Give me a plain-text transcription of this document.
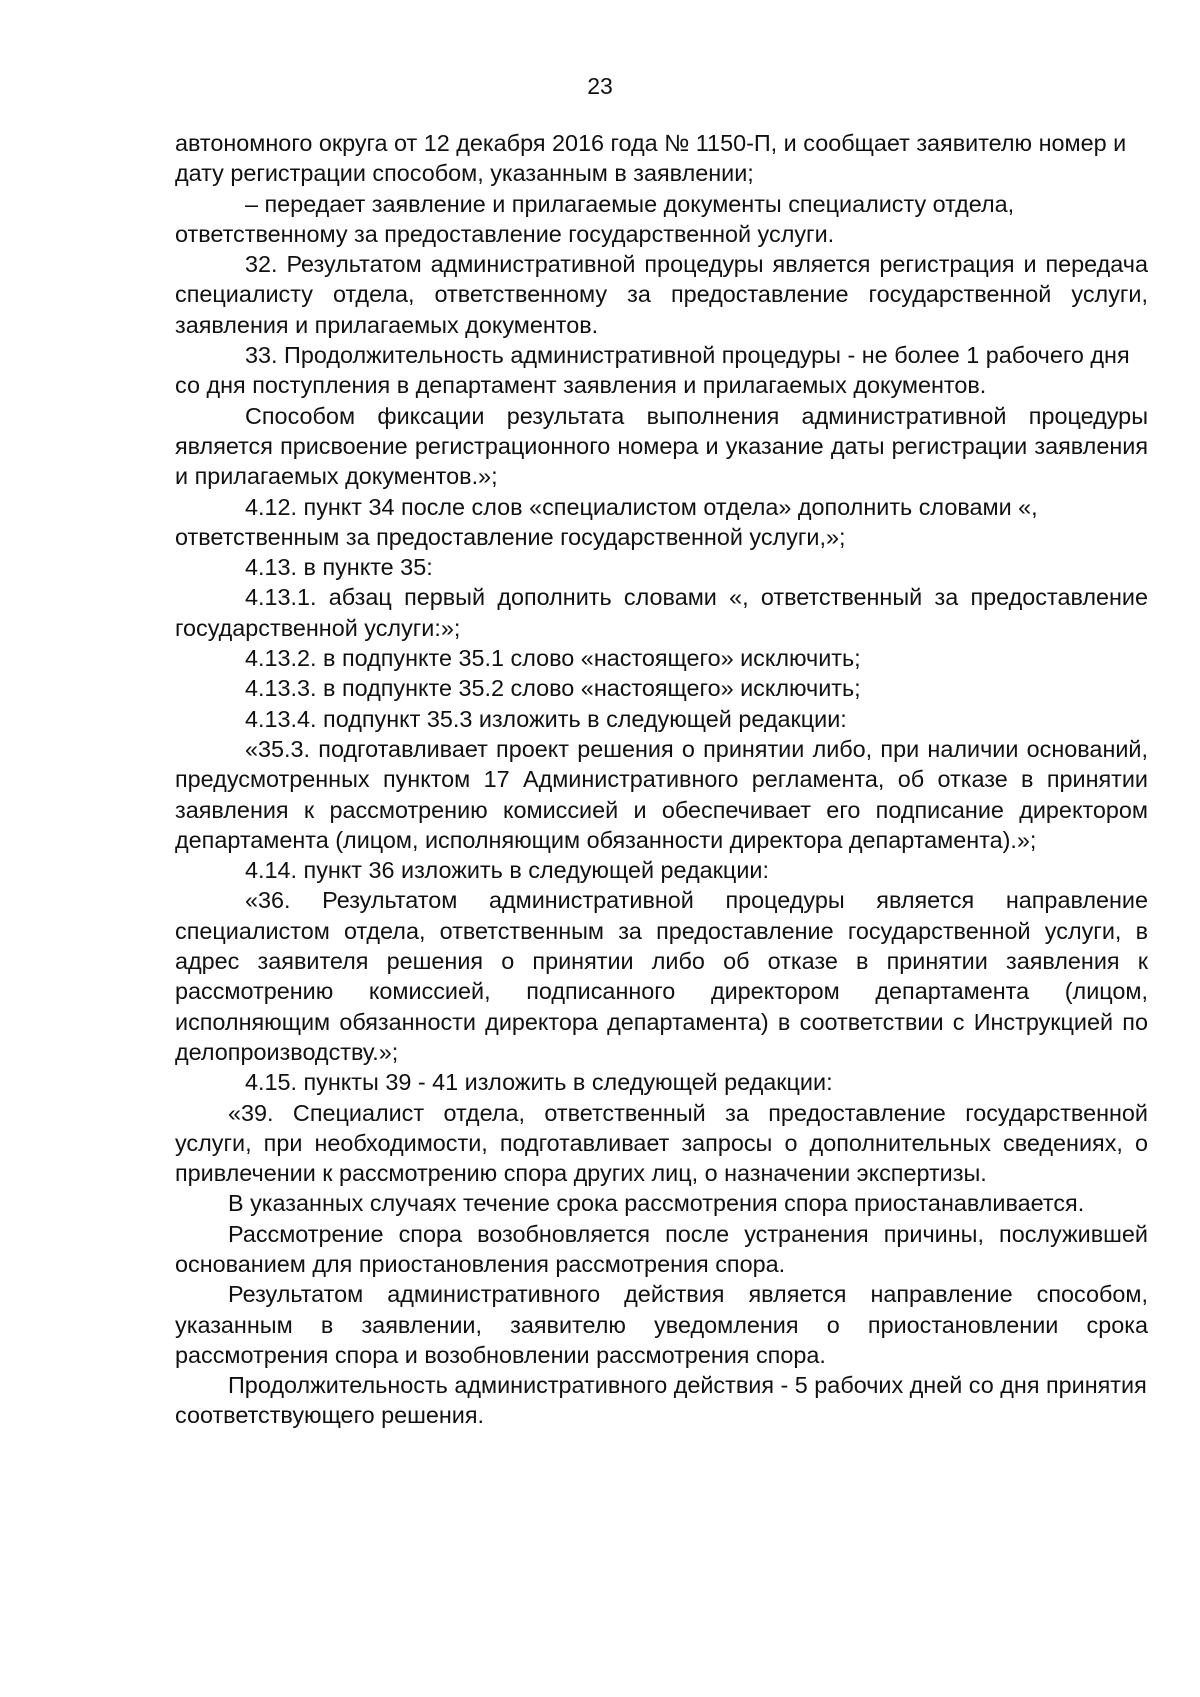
23

автономного округа от 12 декабря 2016 года № 1150-П, и сообщает заявителю номер и дату регистрации способом, указанным в заявлении;

– передает заявление и прилагаемые документы специалисту отдела, ответственному за предоставление государственной услуги.

32. Результатом административной процедуры является регистрация и передача специалисту отдела, ответственному за предоставление государственной услуги, заявления и прилагаемых документов.

33. Продолжительность административной процедуры - не более 1 рабочего дня со дня поступления в департамент заявления и прилагаемых документов.

Способом фиксации результата выполнения административной процедуры является присвоение регистрационного номера и указание даты регистрации заявления и прилагаемых документов.»;

4.12. пункт 34 после слов «специалистом отдела» дополнить словами «, ответственным за предоставление государственной услуги,»;

4.13. в пункте 35:

4.13.1. абзац первый дополнить словами «, ответственный за предоставление государственной услуги:»;

4.13.2. в подпункте 35.1 слово «настоящего» исключить;

4.13.3. в подпункте 35.2 слово «настоящего» исключить;

4.13.4. подпункт 35.3 изложить в следующей редакции:

«35.3. подготавливает проект решения о принятии либо, при наличии оснований, предусмотренных пунктом 17 Административного регламента, об отказе в принятии заявления к рассмотрению комиссией и обеспечивает его подписание директором департамента (лицом, исполняющим обязанности директора департамента).»;

4.14. пункт 36 изложить в следующей редакции:

«36. Результатом административной процедуры является направление специалистом отдела, ответственным за предоставление государственной услуги, в адрес заявителя решения о принятии либо об отказе в принятии заявления к рассмотрению комиссией, подписанного директором департамента (лицом, исполняющим обязанности директора департамента) в соответствии с Инструкцией по делопроизводству.»;

4.15. пункты 39 - 41 изложить в следующей редакции:

«39. Специалист отдела, ответственный за предоставление государственной услуги, при необходимости, подготавливает запросы о дополнительных сведениях, о привлечении к рассмотрению спора других лиц, о назначении экспертизы.

В указанных случаях течение срока рассмотрения спора приостанавливается.

Рассмотрение спора возобновляется после устранения причины, послужившей основанием для приостановления рассмотрения спора.

Результатом административного действия является направление способом, указанным в заявлении, заявителю уведомления о приостановлении срока рассмотрения спора и возобновлении рассмотрения спора.

Продолжительность административного действия - 5 рабочих дней со дня принятия соответствующего решения.
